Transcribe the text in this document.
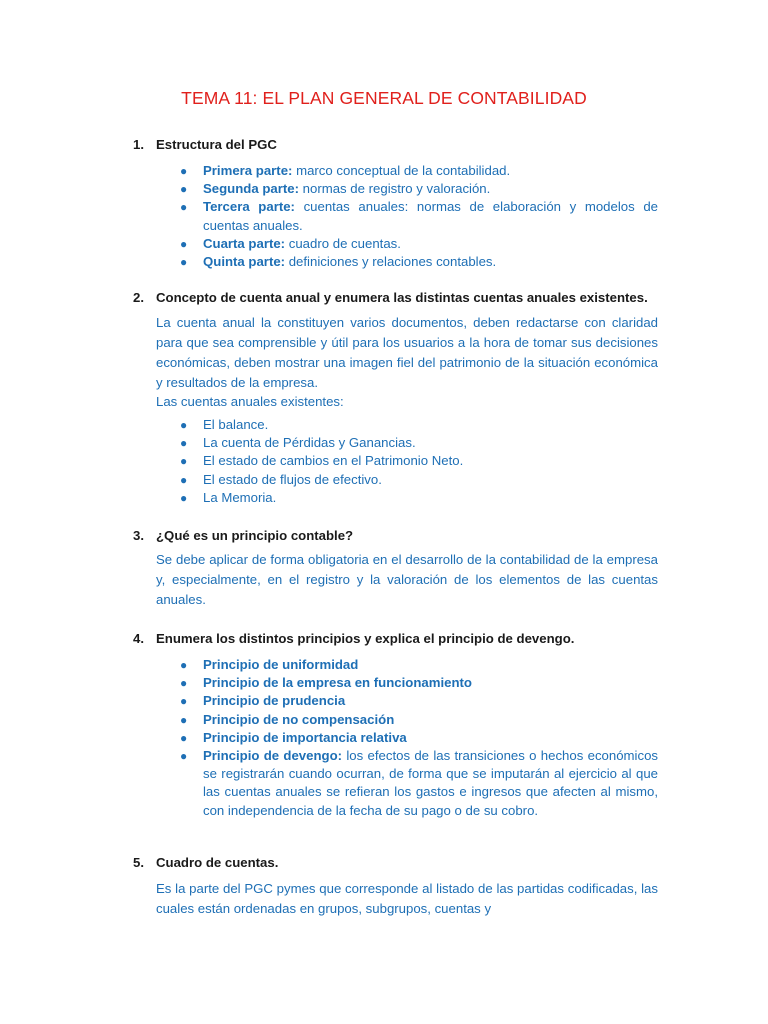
TEMA 11: EL PLAN GENERAL DE CONTABILIDAD
1. Estructura del PGC
● Primera parte: marco conceptual de la contabilidad.
● Segunda parte: normas de registro y valoración.
● Tercera parte: cuentas anuales: normas de elaboración y modelos de cuentas anuales.
● Cuarta parte: cuadro de cuentas.
● Quinta parte: definiciones y relaciones contables.
2. Concepto de cuenta anual y enumera las distintas cuentas anuales existentes.
La cuenta anual la constituyen varios documentos, deben redactarse con claridad para que sea comprensible y útil para los usuarios a la hora de tomar sus decisiones económicas, deben mostrar una imagen fiel del patrimonio de la situación económica y resultados de la empresa.
Las cuentas anuales existentes:
● El balance.
● La cuenta de Pérdidas y Ganancias.
● El estado de cambios en el Patrimonio Neto.
● El estado de flujos de efectivo.
● La Memoria.
3. ¿Qué es un principio contable?
Se debe aplicar de forma obligatoria en el desarrollo de la contabilidad de la empresa y, especialmente, en el registro y la valoración de los elementos de las cuentas anuales.
4. Enumera los distintos principios y explica el principio de devengo.
● Principio de uniformidad
● Principio de la empresa en funcionamiento
● Principio de prudencia
● Principio de no compensación
● Principio de importancia relativa
● Principio de devengo: los efectos de las transiciones o hechos económicos se registrarán cuando ocurran, de forma que se imputarán al ejercicio al que las cuentas anuales se refieran los gastos e ingresos que afecten al mismo, con independencia de la fecha de su pago o de su cobro.
5. Cuadro de cuentas.
Es la parte del PGC pymes que corresponde al listado de las partidas codificadas, las cuales están ordenadas en grupos, subgrupos, cuentas y
